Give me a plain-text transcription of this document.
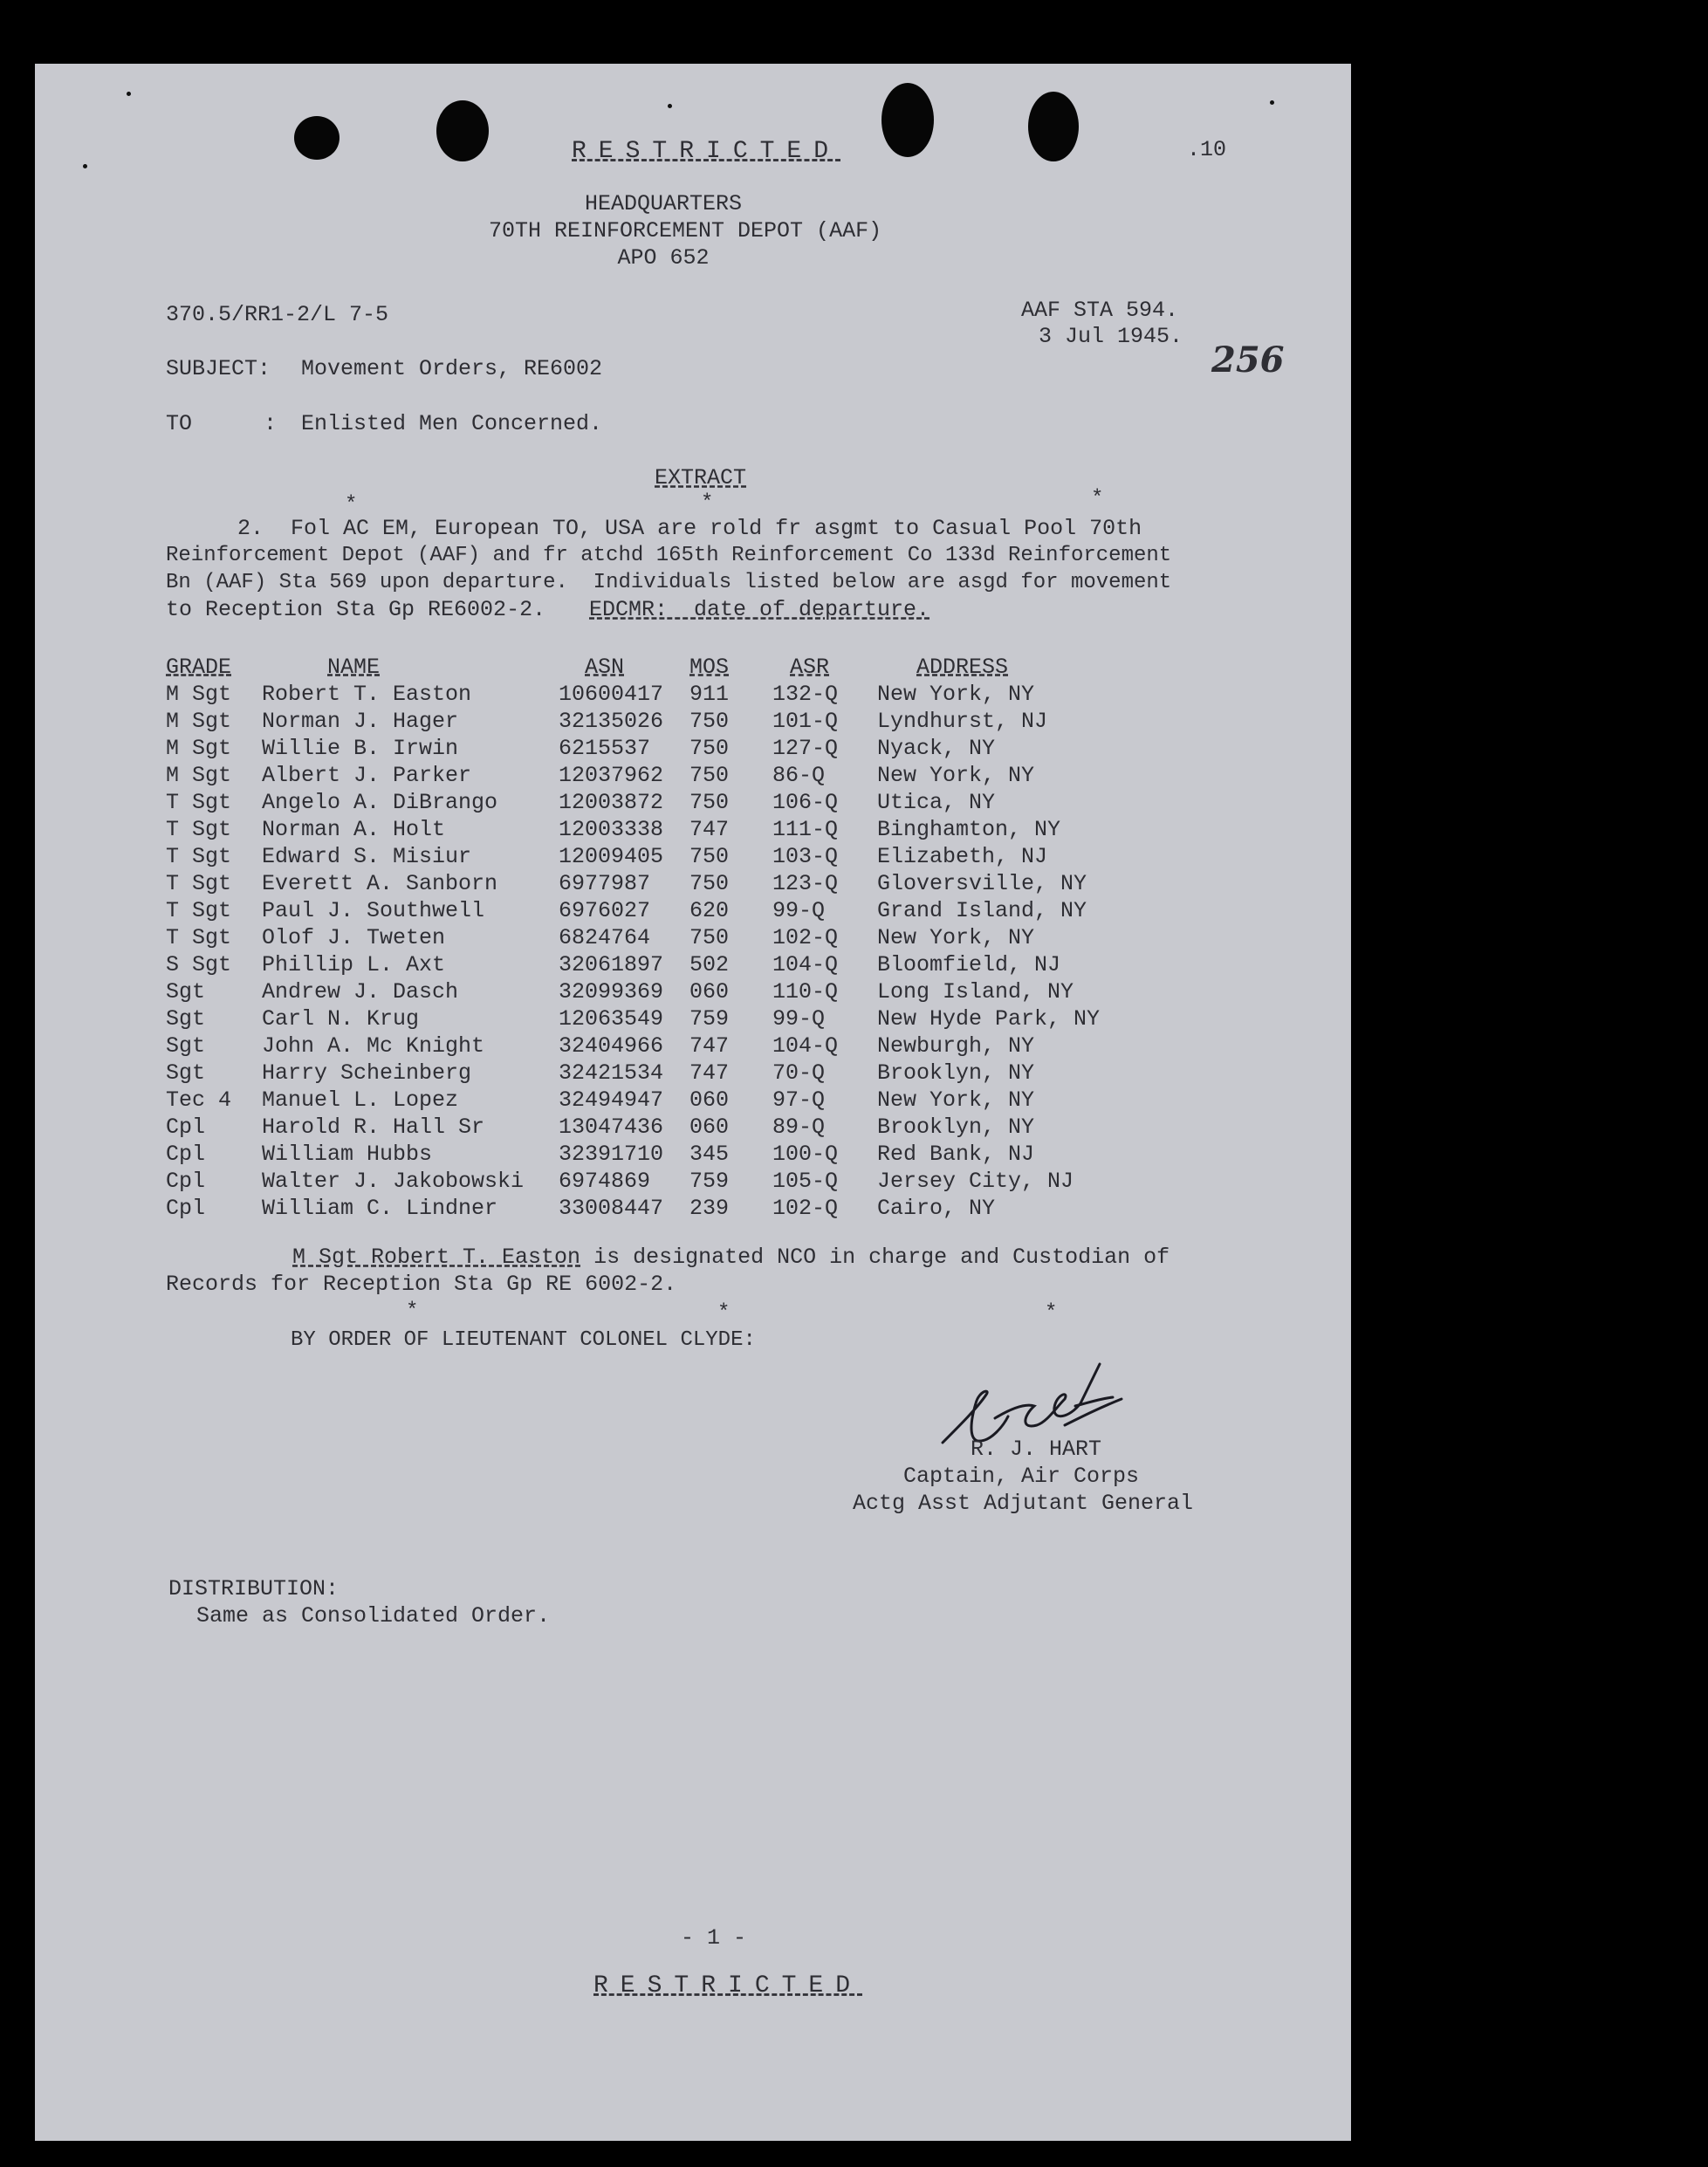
RESTRICTED	.10
HEADQUARTERS
70TH REINFORCEMENT DEPOT (AAF)
APO 652
370.5/RR1-2/L 7-5	AAF STA 594.
3 Jul 1945.
256
SUBJECT: Movement Orders, RE6002
TO	: Enlisted Men Concerned.
EXTRACT
*	*	*
2. Fol AC EM, European TO, USA are rold fr asgmt to Casual Pool 70th
Reinforcement Depot (AAF) and fr atchd 165th Reinforcement Co 133d Reinforcement
Bn (AAF) Sta 569 upon departure.  Individuals listed below are asgd for movement
to Reception Sta Gp RE6002-2. EDCMR:  date of departure.
GRADE	NAME	ASN	MOS	ASR	ADDRESS
M Sgt	Robert T. Easton	10600417	911	132-Q	New York, NY
M Sgt	Norman J. Hager	32135026	750	101-Q	Lyndhurst, NJ
M Sgt	Willie B. Irwin	6215537	750	127-Q	Nyack, NY
M Sgt	Albert J. Parker	12037962	750	86-Q	New York, NY
T Sgt	Angelo A. DiBrango	12003872	750	106-Q	Utica, NY
T Sgt	Norman A. Holt	12003338	747	111-Q	Binghamton, NY
T Sgt	Edward S. Misiur	12009405	750	103-Q	Elizabeth, NJ
T Sgt	Everett A. Sanborn	6977987	750	123-Q	Gloversville, NY
T Sgt	Paul J. Southwell	6976027	620	99-Q	Grand Island, NY
T Sgt	Olof J. Tweten	6824764	750	102-Q	New York, NY
S Sgt	Phillip L. Axt	32061897	502	104-Q	Bloomfield, NJ
Sgt	Andrew J. Dasch	32099369	060	110-Q	Long Island, NY
Sgt	Carl N. Krug	12063549	759	99-Q	New Hyde Park, NY
Sgt	John A. Mc Knight	32404966	747	104-Q	Newburgh, NY
Sgt	Harry Scheinberg	32421534	747	70-Q	Brooklyn, NY
Tec 4	Manuel L. Lopez	32494947	060	97-Q	New York, NY
Cpl	Harold R. Hall Sr	13047436	060	89-Q	Brooklyn, NY
Cpl	William Hubbs	32391710	345	100-Q	Red Bank, NJ
Cpl	Walter J. Jakobowski	6974869	759	105-Q	Jersey City, NJ
Cpl	William C. Lindner	33008447	239	102-Q	Cairo, NY
M Sgt Robert T. Easton is designated NCO in charge and Custodian of
Records for Reception Sta Gp RE 6002-2.
*	*	*
BY ORDER OF LIEUTENANT COLONEL CLYDE:
R. J. HART
Captain, Air Corps
Actg Asst Adjutant General
DISTRIBUTION:
Same as Consolidated Order.
- 1 -
RESTRICTED
